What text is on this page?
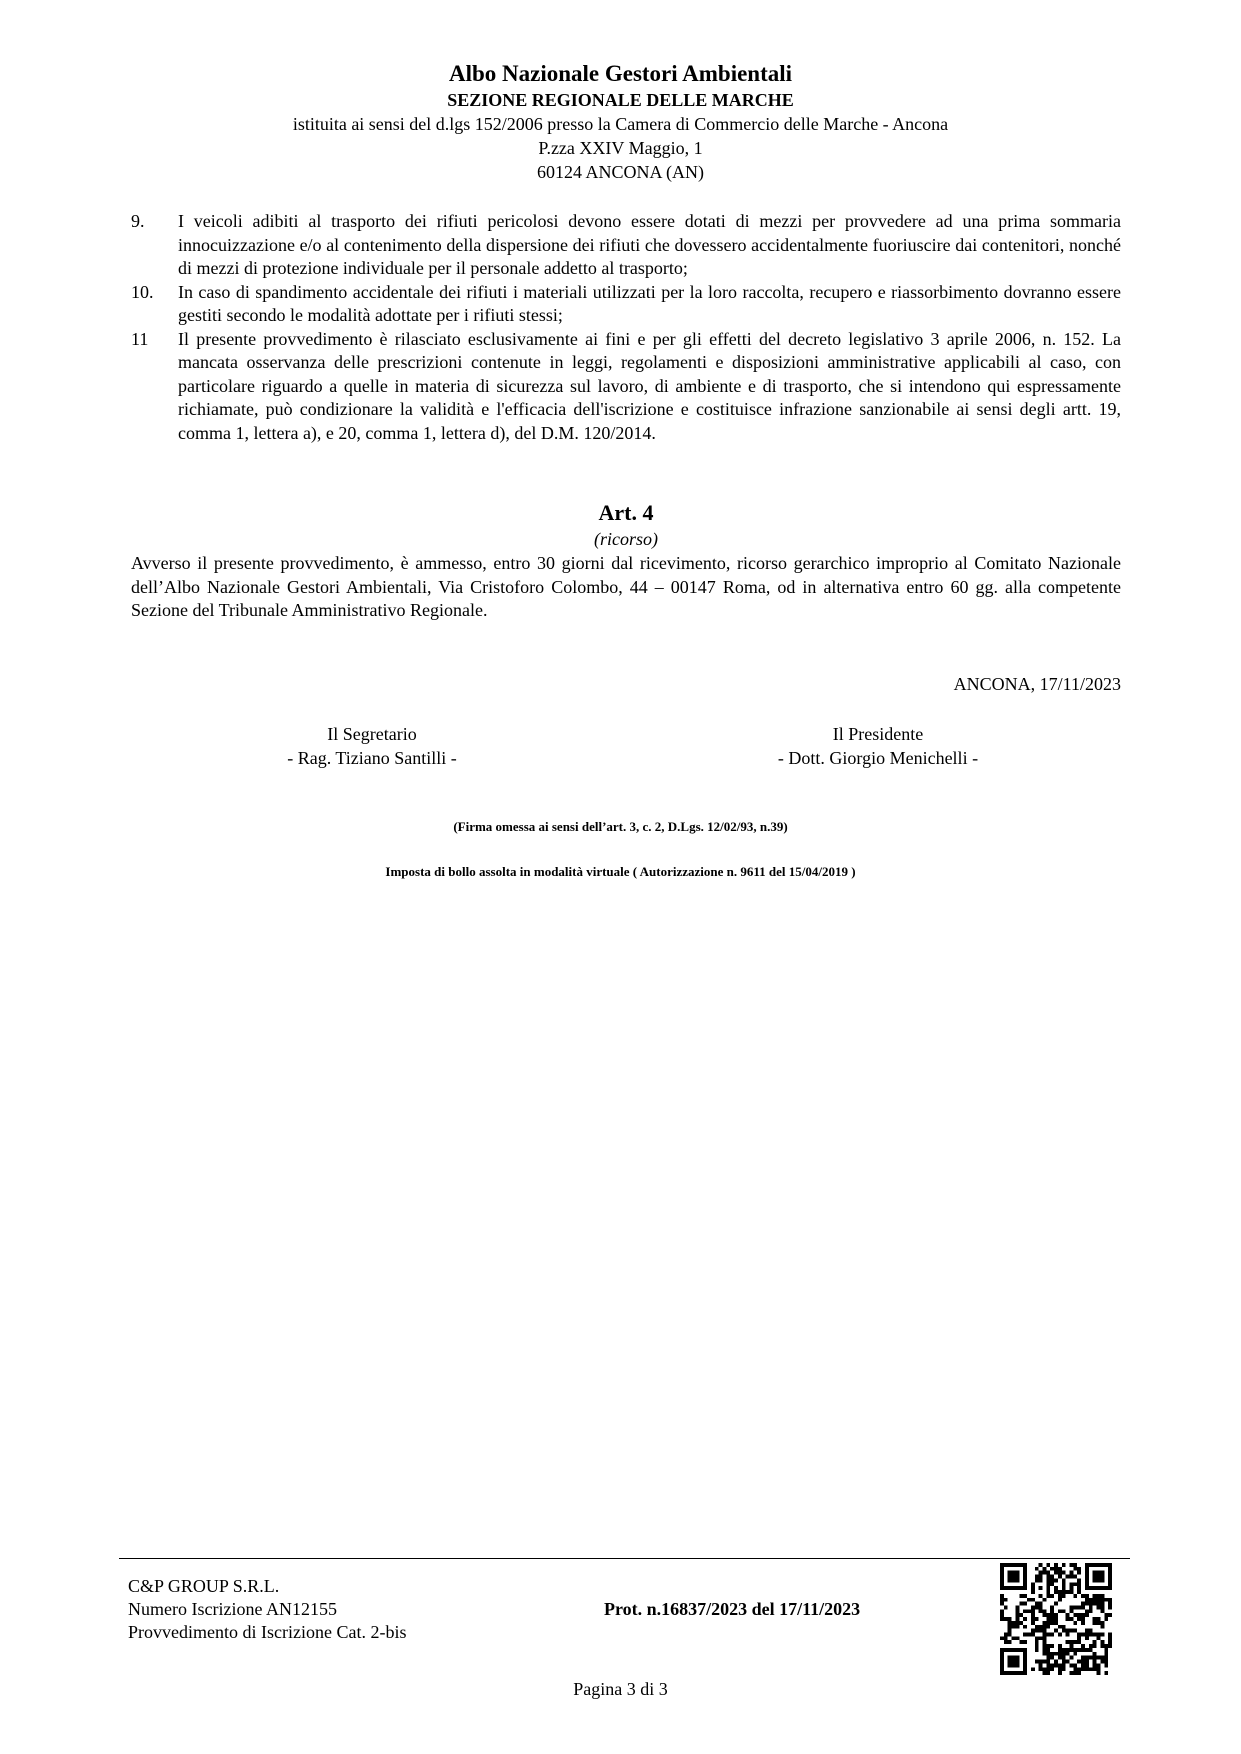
Albo Nazionale Gestori Ambientali
SEZIONE REGIONALE DELLE MARCHE
istituita ai sensi del d.lgs 152/2006 presso la Camera di Commercio delle Marche - Ancona
P.zza XXIV Maggio, 1
60124 ANCONA (AN)
9.	I veicoli adibiti al trasporto dei rifiuti pericolosi devono essere dotati di mezzi per provvedere ad una prima sommaria innocuizzazione e/o al contenimento della dispersione dei rifiuti che dovessero accidentalmente fuoriuscire dai contenitori, nonché di mezzi di protezione individuale per il personale addetto al trasporto;
10.	In caso di spandimento accidentale dei rifiuti i materiali utilizzati per la loro raccolta, recupero e riassorbimento dovranno essere gestiti secondo le modalità adottate per i rifiuti stessi;
11	Il presente provvedimento è rilasciato esclusivamente ai fini e per gli effetti del decreto legislativo 3 aprile 2006, n. 152. La mancata osservanza delle prescrizioni contenute in leggi, regolamenti e disposizioni amministrative applicabili al caso, con particolare riguardo a quelle in materia di sicurezza sul lavoro, di ambiente e di trasporto, che si intendono qui espressamente richiamate, può condizionare la validità e l'efficacia dell'iscrizione e costituisce infrazione sanzionabile ai sensi degli artt. 19, comma 1, lettera a), e 20, comma 1, lettera d), del D.M. 120/2014.
Art. 4
(ricorso)
Avverso il presente provvedimento, è ammesso, entro 30 giorni dal ricevimento, ricorso gerarchico improprio al Comitato Nazionale dell’Albo Nazionale Gestori Ambientali, Via Cristoforo Colombo, 44 – 00147 Roma, od in alternativa entro 60 gg. alla competente Sezione del Tribunale Amministrativo Regionale.
ANCONA, 17/11/2023
Il Segretario
- Rag. Tiziano Santilli -
Il Presidente
- Dott. Giorgio Menichelli -
(Firma omessa ai sensi dell’art. 3, c. 2, D.Lgs. 12/02/93, n.39)
Imposta di bollo assolta in modalità virtuale ( Autorizzazione n. 9611 del 15/04/2019 )
C&P GROUP S.R.L.
Numero Iscrizione AN12155
Provvedimento di Iscrizione Cat. 2-bis
Prot. n.16837/2023 del 17/11/2023
Pagina 3 di 3
